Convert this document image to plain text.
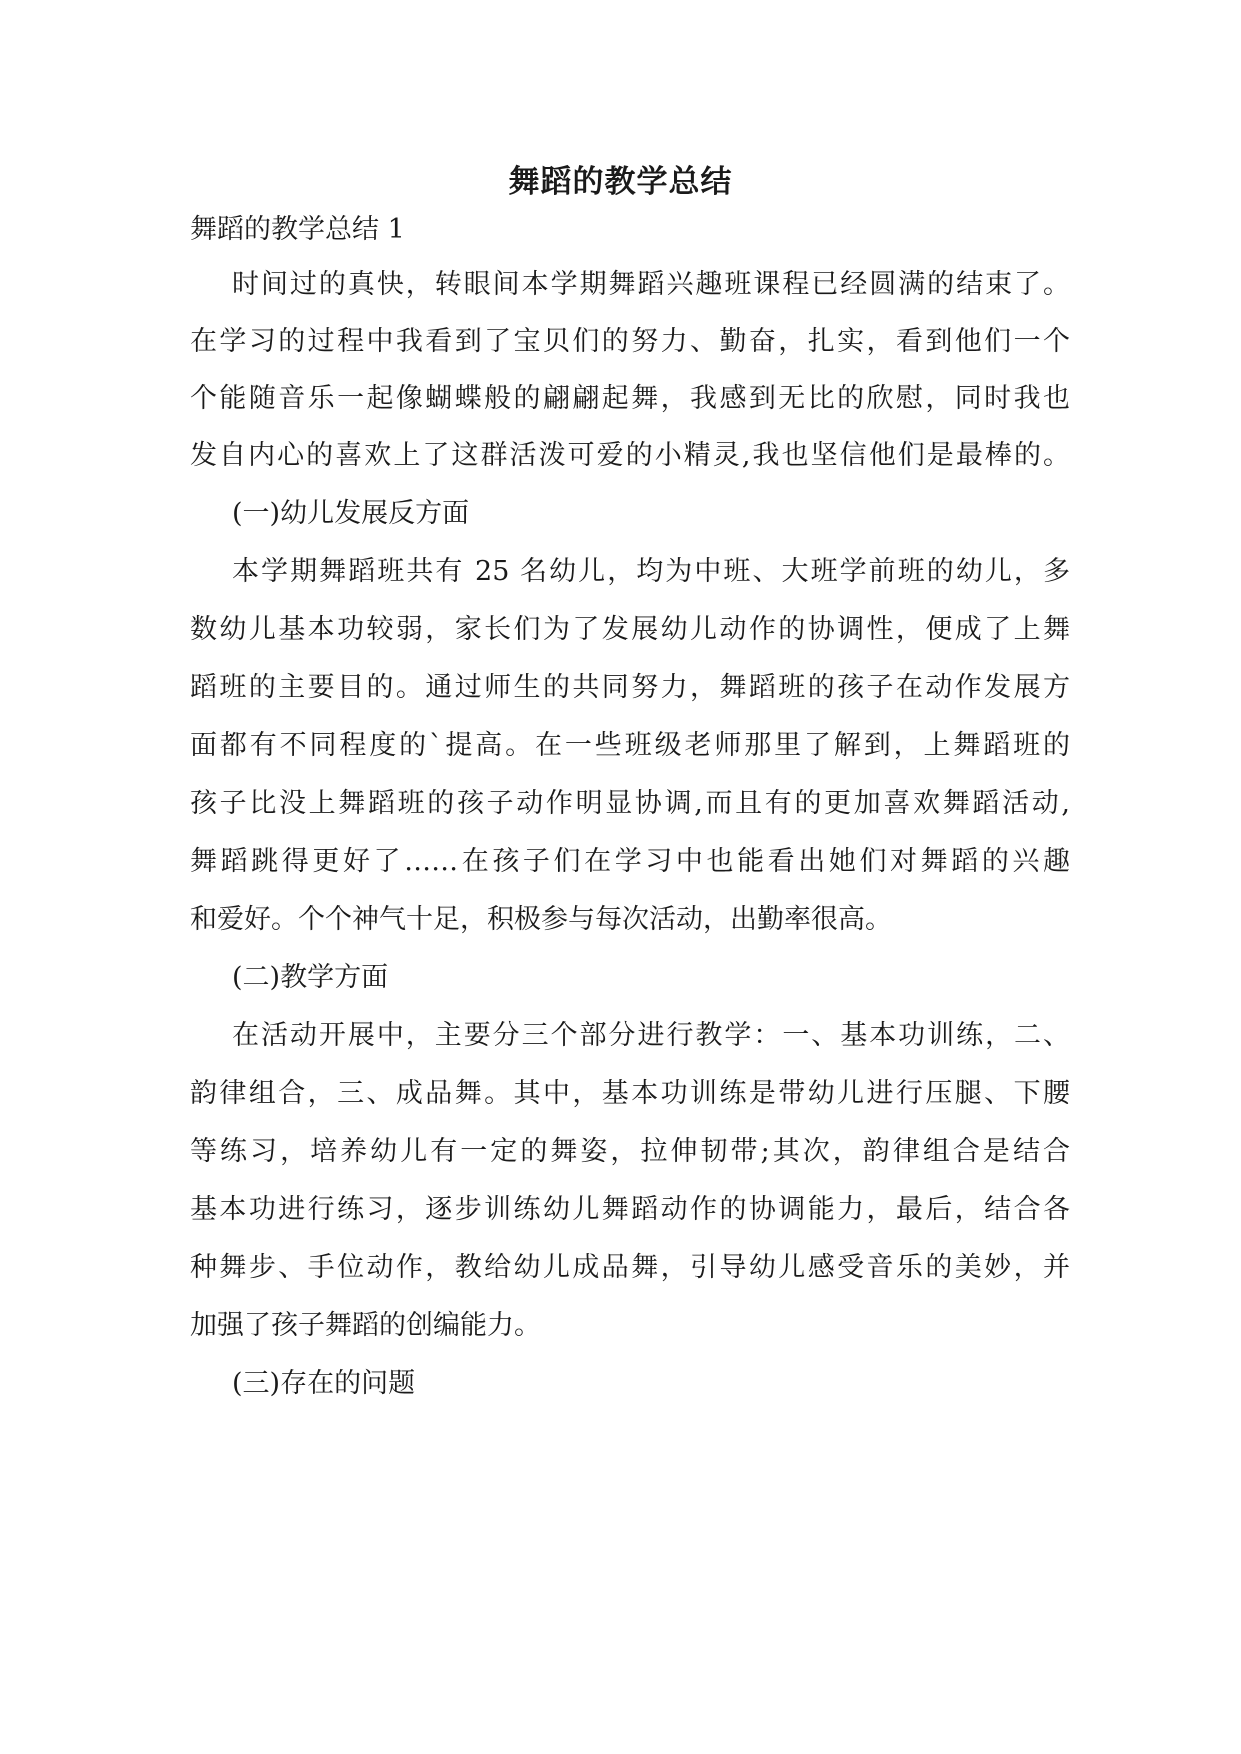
舞蹈的教学总结
舞蹈的教学总结 1
时间过的真快，转眼间本学期舞蹈兴趣班课程已经圆满的结束了。
在学习的过程中我看到了宝贝们的努力、勤奋，扎实，看到他们一个
个能随音乐一起像蝴蝶般的翩翩起舞，我感到无比的欣慰，同时我也
发自内心的喜欢上了这群活泼可爱的小精灵,我也坚信他们是最棒的。
(一)幼儿发展反方面
本学期舞蹈班共有 25 名幼儿，均为中班、大班学前班的幼儿，多
数幼儿基本功较弱，家长们为了发展幼儿动作的协调性，便成了上舞
蹈班的主要目的。通过师生的共同努力，舞蹈班的孩子在动作发展方
面都有不同程度的`提高。在一些班级老师那里了解到，上舞蹈班的
孩子比没上舞蹈班的孩子动作明显协调,而且有的更加喜欢舞蹈活动,
舞蹈跳得更好了……在孩子们在学习中也能看出她们对舞蹈的兴趣
和爱好。个个神气十足，积极参与每次活动，出勤率很高。
(二)教学方面
在活动开展中，主要分三个部分进行教学：一、基本功训练，二、
韵律组合，三、成品舞。其中，基本功训练是带幼儿进行压腿、下腰
等练习，培养幼儿有一定的舞姿，拉伸韧带;其次，韵律组合是结合
基本功进行练习，逐步训练幼儿舞蹈动作的协调能力，最后，结合各
种舞步、手位动作，教给幼儿成品舞，引导幼儿感受音乐的美妙，并
加强了孩子舞蹈的创编能力。
(三)存在的问题
